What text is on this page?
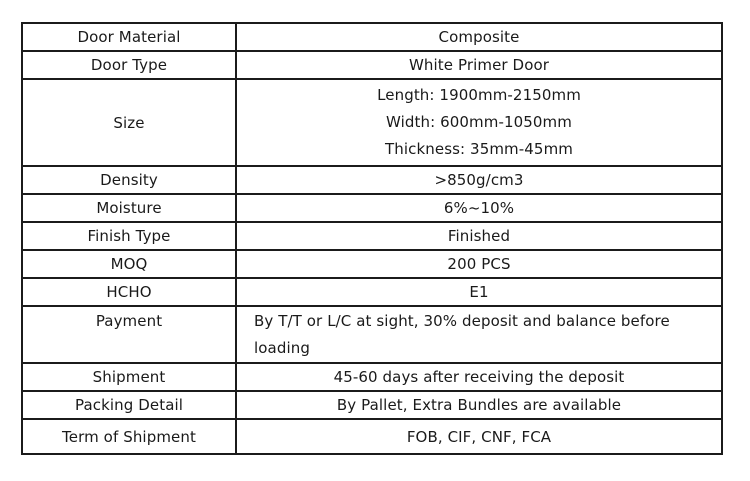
Door Material	Composite
Door Type	White Primer Door
Size	Length: 1900mm-2150mm
Width: 600mm-1050mm
Thickness: 35mm-45mm

Density	>850g/cm3
Moisture	6%~10%
Finish Type	Finished
MOQ	200 PCS
HCHO	E1
Payment	By T/T or L/C at sight, 30% deposit and balance before
loading

Shipment	45-60 days after receiving the deposit
Packing Detail	By Pallet, Extra Bundles are available
Term of Shipment	FOB, CIF, CNF, FCA
